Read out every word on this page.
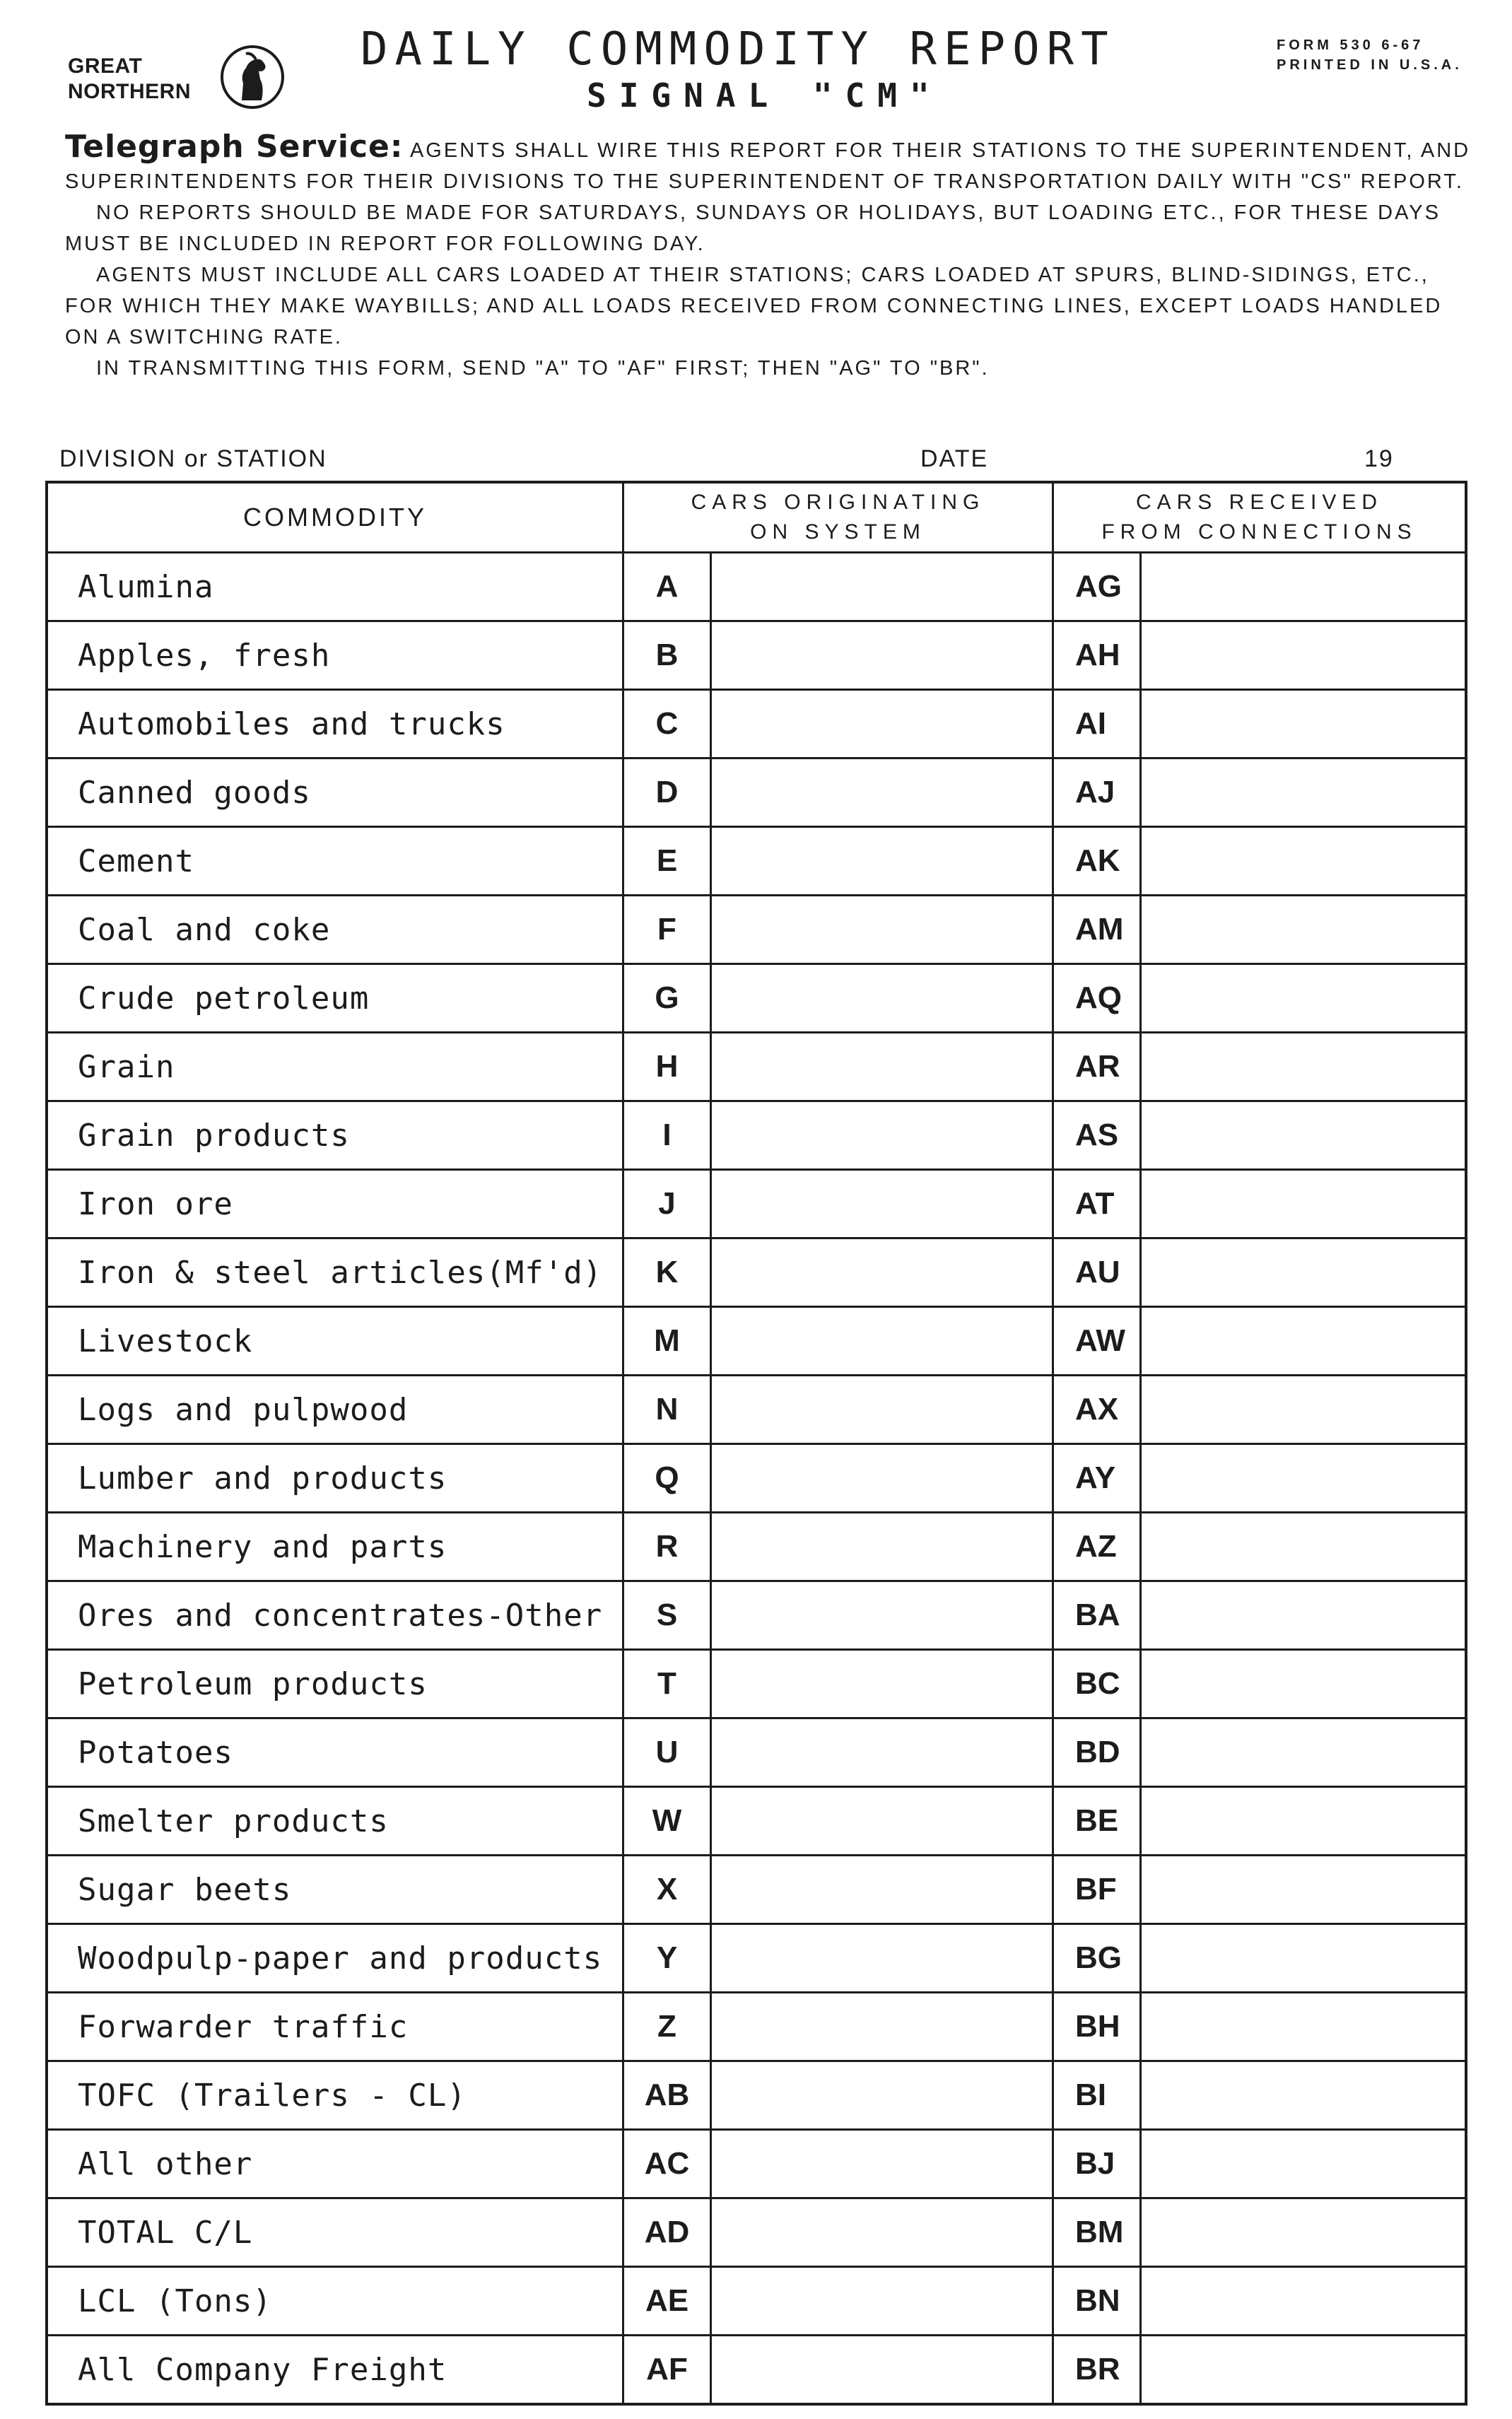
GREAT
NORTHERN
DAILY COMMODITY REPORT
SIGNAL "CM"
FORM 530 6-67
PRINTED IN U.S.A.

Telegraph Service: AGENTS SHALL WIRE THIS REPORT FOR THEIR STATIONS TO THE SUPERINTENDENT, AND SUPERINTENDENTS FOR THEIR DIVISIONS TO THE SUPERINTENDENT OF TRANSPORTATION DAILY WITH "CS" REPORT.

NO REPORTS SHOULD BE MADE FOR SATURDAYS, SUNDAYS OR HOLIDAYS, BUT LOADING ETC., FOR THESE DAYS MUST BE INCLUDED IN REPORT FOR FOLLOWING DAY.

AGENTS MUST INCLUDE ALL CARS LOADED AT THEIR STATIONS; CARS LOADED AT SPURS, BLIND-SIDINGS, ETC., FOR WHICH THEY MAKE WAYBILLS; AND ALL LOADS RECEIVED FROM CONNECTING LINES, EXCEPT LOADS HANDLED ON A SWITCHING RATE.

IN TRANSMITTING THIS FORM, SEND "A" TO "AF" FIRST; THEN "AG" TO "BR".

DIVISION or STATION	DATE	19
COMMODITY
CARS ORIGINATING
ON SYSTEM
CARS RECEIVED
FROM CONNECTIONS
Alumina	A	AG
Apples, fresh	B	AH
Automobiles and trucks	C	AI
Canned goods	D	AJ
Cement	E	AK
Coal and coke	F	AM
Crude petroleum	G	AQ
Grain	H	AR
Grain products	I	AS
Iron ore	J	AT
Iron & steel articles(Mf'd)	K	AU
Livestock	M	AW
Logs and pulpwood	N	AX
Lumber and products	Q	AY
Machinery and parts	R	AZ
Ores and concentrates-Other	S	BA
Petroleum products	T	BC
Potatoes	U	BD
Smelter products	W	BE
Sugar beets	X	BF
Woodpulp-paper and products	Y	BG
Forwarder traffic	Z	BH
TOFC (Trailers - CL)	AB	BI
All other	AC	BJ
TOTAL C/L	AD	BM
LCL (Tons)	AE	BN
All Company Freight	AF	BR
